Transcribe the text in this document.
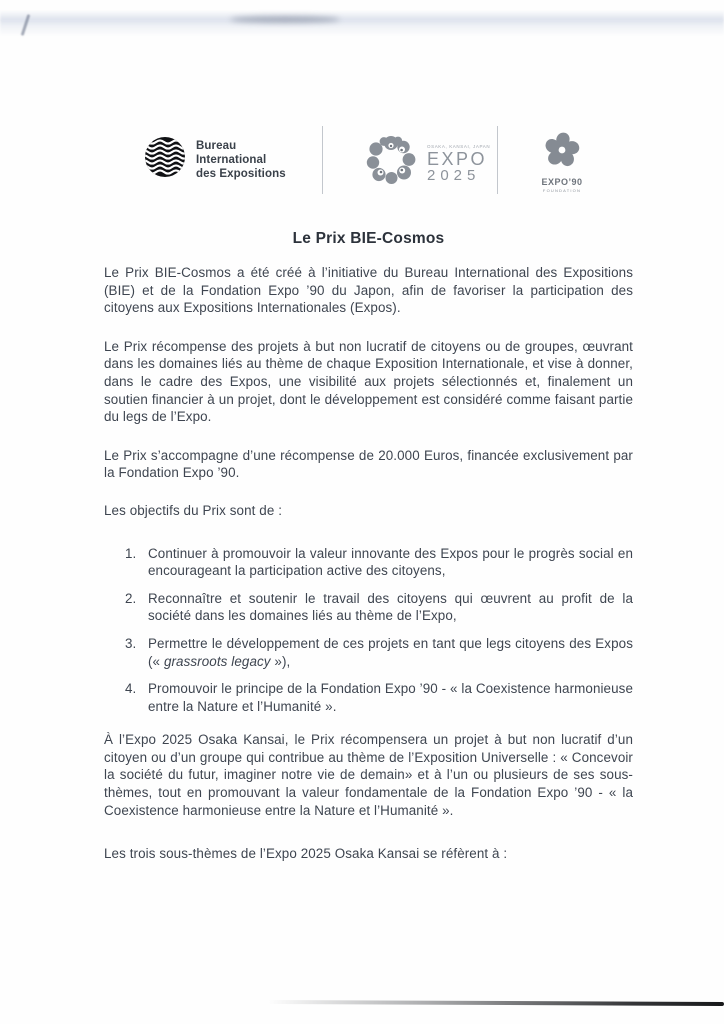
Bureau
International
des Expositions
OSAKA, KANSAI, JAPAN
EXPO
2025	EXPO’90
FOUNDATION
Le Prix BIE-Cosmos

Le Prix BIE-Cosmos a été créé à l’initiative du Bureau International des Expositions (BIE) et de la Fondation Expo ’90 du Japon, afin de favoriser la participation des citoyens aux Expositions Internationales (Expos).

Le Prix récompense des projets à but non lucratif de citoyens ou de groupes, œuvrant dans les domaines liés au thème de chaque Exposition Internationale, et vise à donner, dans le cadre des Expos, une visibilité aux projets sélectionnés et, finalement un soutien financier à un projet, dont le développement est considéré comme faisant partie du legs de l’Expo.

Le Prix s’accompagne d’une récompense de 20.000 Euros, financée exclusivement par la Fondation Expo ’90.

Les objectifs du Prix sont de :

1. Continuer à promouvoir la valeur innovante des Expos pour le progrès social en encourageant la participation active des citoyens,
2. Reconnaître et soutenir le travail des citoyens qui œuvrent au profit de la société dans les domaines liés au thème de l’Expo,
3. Permettre le développement de ces projets en tant que legs citoyens des Expos (« grassroots legacy »),
4. Promouvoir le principe de la Fondation Expo ’90 - « la Coexistence harmonieuse entre la Nature et l’Humanité ».

À l’Expo 2025 Osaka Kansai, le Prix récompensera un projet à but non lucratif d’un citoyen ou d’un groupe qui contribue au thème de l’Exposition Universelle : « Concevoir la société du futur, imaginer notre vie de demain» et à l’un ou plusieurs de ses sous-thèmes, tout en promouvant la valeur fondamentale de la Fondation Expo ’90 - « la Coexistence harmonieuse entre la Nature et l’Humanité ».

Les trois sous-thèmes de l’Expo 2025 Osaka Kansai se réfèrent à :
